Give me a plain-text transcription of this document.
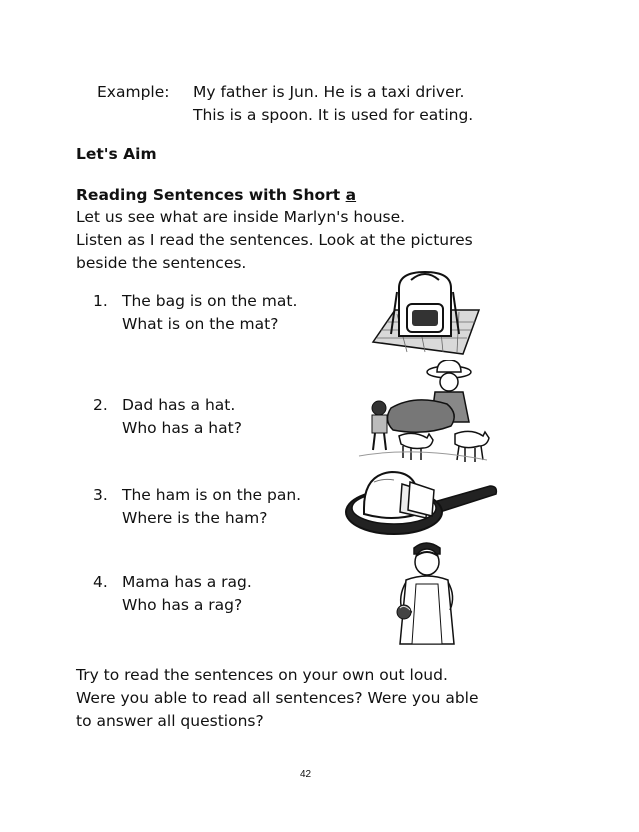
Example: My father is Jun. He is a taxi driver.
This is a spoon. It is used for eating.
Let's Aim
Reading Sentences with Short a
Let us see what are inside Marlyn's house.
Listen as I read the sentences. Look at the pictures
beside the sentences.
1. The bag is on the mat.
What is on the mat?
2. Dad has a hat.
Who has a hat?
3. The ham is on the pan.
Where is the ham?
4. Mama has a rag.
Who has a rag?
Try to read the sentences on your own out loud.
Were you able to read all sentences? Were you able
to answer all questions?
42
